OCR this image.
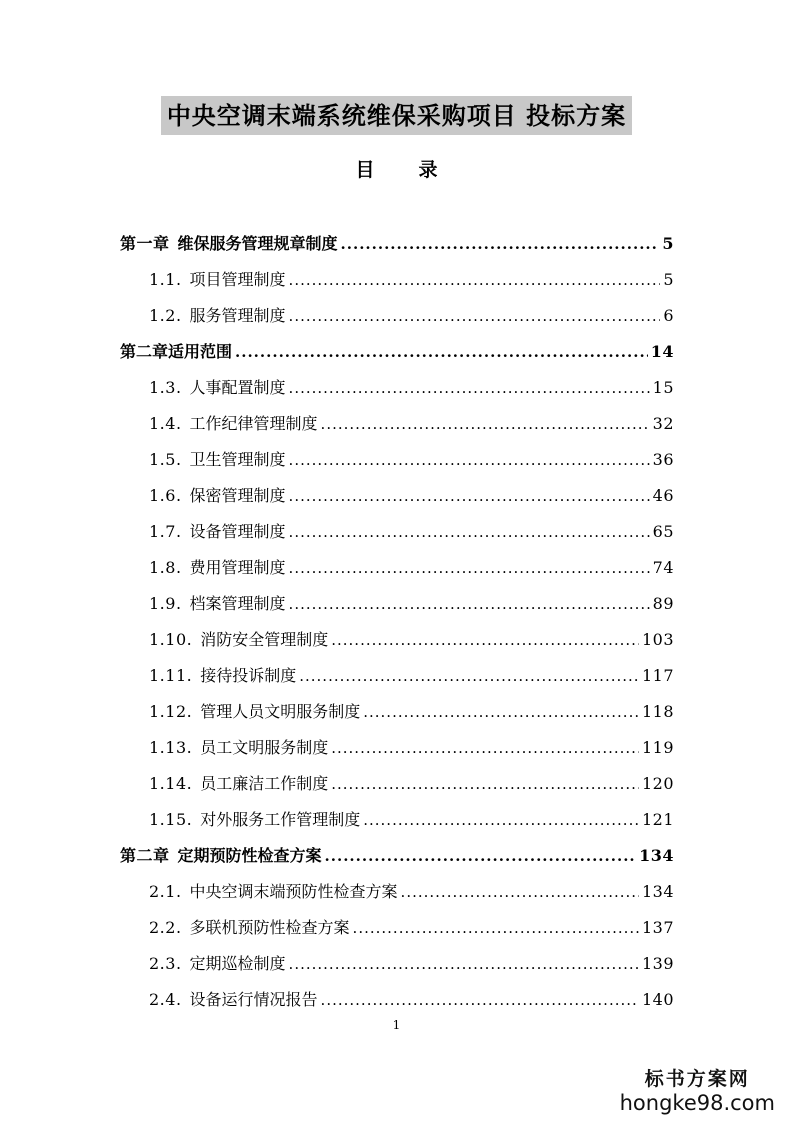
中央空调末端系统维保采购项目 投标方案
目 录
第一章 维保服务管理规章制度 .....	5
1.1. 项目管理制度 .....	5
1.2. 服务管理制度 .....	6
第二章适用范围 .....	14
1.3. 人事配置制度 .....	15
1.4. 工作纪律管理制度 .....	32
1.5. 卫生管理制度 .....	36
1.6. 保密管理制度 .....	46
1.7. 设备管理制度 .....	65
1.8. 费用管理制度 .....	74
1.9. 档案管理制度 .....	89
1.10. 消防安全管理制度 .....	103
1.11. 接待投诉制度 .....	117
1.12. 管理人员文明服务制度 .....	118
1.13. 员工文明服务制度 .....	119
1.14. 员工廉洁工作制度 .....	120
1.15. 对外服务工作管理制度 .....	121
第二章 定期预防性检查方案 .....	134
2.1. 中央空调末端预防性检查方案 .....	134
2.2. 多联机预防性检查方案 .....	137
2.3. 定期巡检制度 .....	139
2.4. 设备运行情况报告 .....	140
1
标书方案网
hongke98.com
